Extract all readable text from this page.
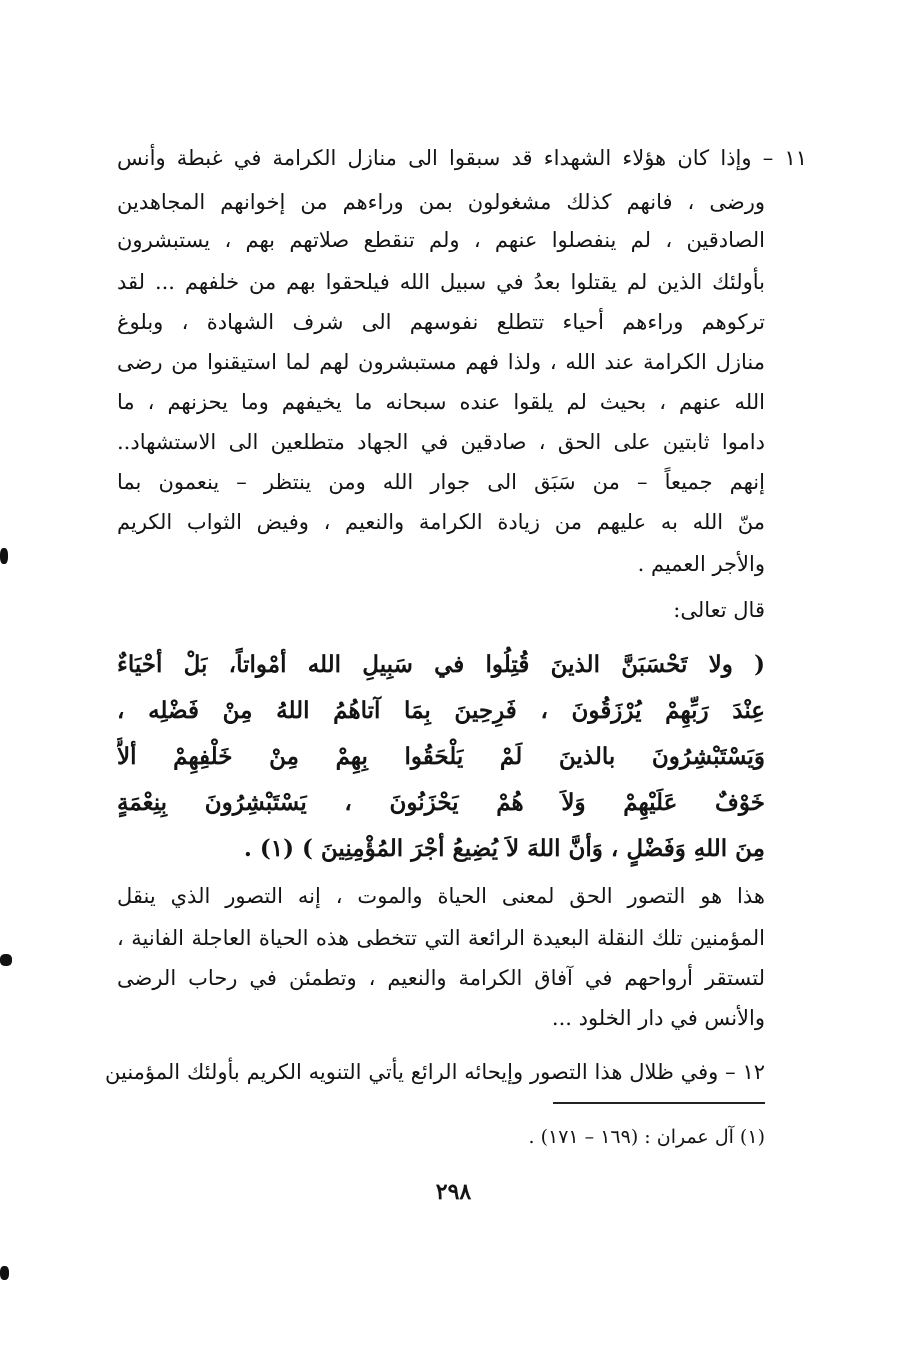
١١ – وإذا كان هؤلاء الشهداء قد سبقوا الى منازل الكرامة في غبطة وأنس
ورضى ، فانهم كذلك مشغولون بمن وراءهم من إخوانهم المجاهدين
الصادقين ، لم ينفصلوا عنهم ، ولم تنقطع صلاتهم بهم ، يستبشرون
بأولئك الذين لم يقتلوا بعدُ في سبيل الله فيلحقوا بهم من خلفهم ... لقد
تركوهم وراءهم أحياء تتطلع نفوسهم الى شرف الشهادة ، وبلوغ
منازل الكرامة عند الله ، ولذا فهم مستبشرون لهم لما استيقنوا من رضى
الله عنهم ، بحيث لم يلقوا عنده سبحانه ما يخيفهم وما يحزنهم ، ما
داموا ثابتين على الحق ، صادقين في الجهاد متطلعين الى الاستشهاد..
إنهم جميعاً – من سَبَق الى جوار الله ومن ينتظر – ينعمون بما
منّ الله به عليهم من زيادة الكرامة والنعيم ، وفيض الثواب الكريم
والأجر العميم .
قال تعالى:
( ولا تَحْسَبَنَّ الذينَ قُتِلُوا في سَبِيلِ الله أمْواتاً، بَلْ أحْيَاءٌ
عِنْدَ رَبِّهِمْ يُرْزَقُونَ ، فَرِحِينَ بِمَا آتاهُمُ اللهُ مِنْ فَضْلِه ،
وَيَسْتَبْشِرُونَ بالذينَ لَمْ يَلْحَقُوا بِهِمْ مِنْ خَلْفِهِمْ ألاَّ
خَوْفٌ عَلَيْهِمْ وَلاَ هُمْ يَحْزَنُونَ ، يَسْتَبْشِرُونَ بِنِعْمَةٍ
مِنَ اللهِ وَفَضْلٍ ، وَأنَّ اللهَ لاَ يُضِيعُ أجْرَ المُؤْمِنِينَ ) (١) .
هذا هو التصور الحق لمعنى الحياة والموت ، إنه التصور الذي ينقل
المؤمنين تلك النقلة البعيدة الرائعة التي تتخطى هذه الحياة العاجلة الفانية ،
لتستقر أرواحهم في آفاق الكرامة والنعيم ، وتطمئن في رحاب الرضى
والأنس في دار الخلود ...
١٢ – وفي ظلال هذا التصور وإيحائه الرائع يأتي التنويه الكريم بأولئك المؤمنين
(١) آل عمران : (١٦٩ – ١٧١) .
٢٩٨
